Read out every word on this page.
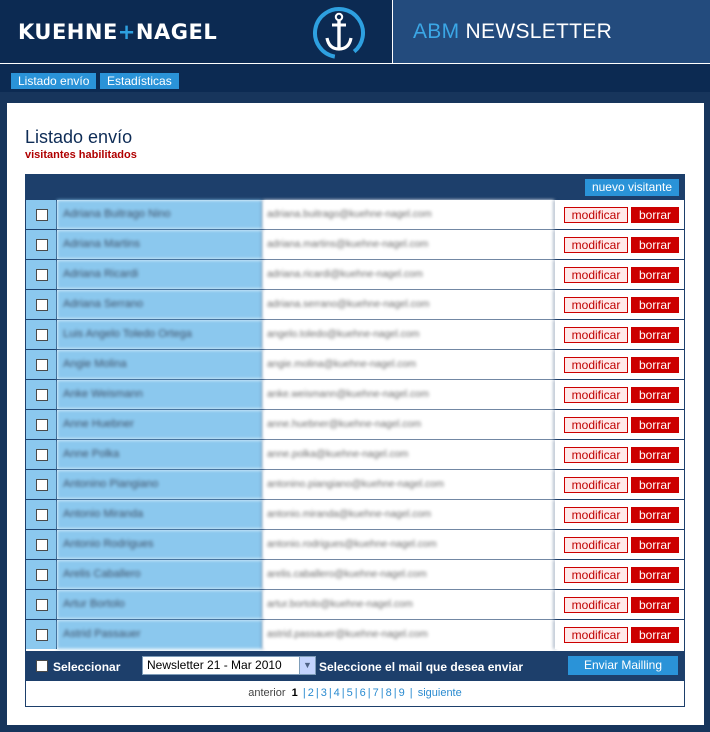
KUEHNE+NAGEL	ABM NEWSLETTER
Listado envío	Estadísticas
Listado envío
visitantes habilitados
nuevo visitante
Adriana Buitrago Nino	adriana.buitrago@kuehne-nagel.com	modificar	borrar
Adriana Martins	adriana.martins@kuehne-nagel.com	modificar	borrar
Adriana Ricardi	adriana.ricardi@kuehne-nagel.com	modificar	borrar
Adriana Serrano	adriana.serrano@kuehne-nagel.com	modificar	borrar
Luis Angelo Toledo Ortega	angelo.toledo@kuehne-nagel.com	modificar	borrar
Angie Molina	angie.molina@kuehne-nagel.com	modificar	borrar
Anke Weismann	anke.weismann@kuehne-nagel.com	modificar	borrar
Anne Huebner	anne.huebner@kuehne-nagel.com	modificar	borrar
Anne Polka	anne.polka@kuehne-nagel.com	modificar	borrar
Antonino Piangiano	antonino.piangiano@kuehne-nagel.com	modificar	borrar
Antonio Miranda	antonio.miranda@kuehne-nagel.com	modificar	borrar
Antonio Rodrigues	antonio.rodrigues@kuehne-nagel.com	modificar	borrar
Arelis Caballero	arelis.caballero@kuehne-nagel.com	modificar	borrar
Artur Bortolo	artur.bortolo@kuehne-nagel.com	modificar	borrar
Astrid Passauer	astrid.passauer@kuehne-nagel.com	modificar	borrar
Seleccionar	Newsletter 21 - Mar 2010	▼ Seleccione el mail que desea enviar	Enviar Mailling
anterior 1 | 2 | 3 | 4 | 5 | 6 | 7 | 8 | 9 | siguiente
